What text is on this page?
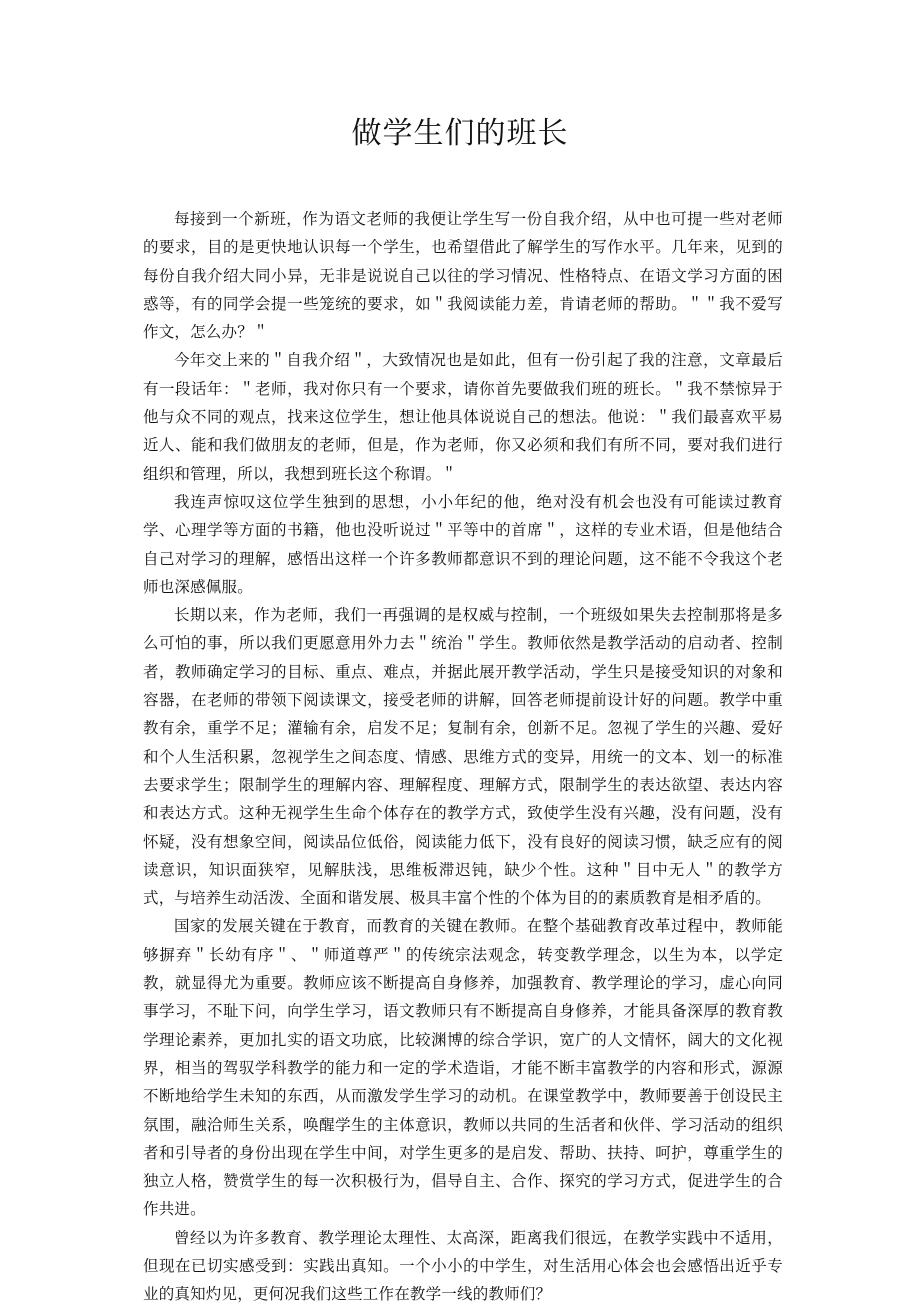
做学生们的班长

每接到一个新班，作为语文老师的我便让学生写一份自我介绍，从中也可提一些对老师的要求，目的是更快地认识每一个学生，也希望借此了解学生的写作水平。几年来，见到的每份自我介绍大同小异，无非是说说自己以往的学习情况、性格特点、在语文学习方面的困惑等，有的同学会提一些笼统的要求，如＂我阅读能力差，肯请老师的帮助。＂＂我不爱写作文，怎么办？＂

今年交上来的＂自我介绍＂，大致情况也是如此，但有一份引起了我的注意，文章最后有一段话年：＂老师，我对你只有一个要求，请你首先要做我们班的班长。＂我不禁惊异于他与众不同的观点，找来这位学生，想让他具体说说自己的想法。他说：＂我们最喜欢平易近人、能和我们做朋友的老师，但是，作为老师，你又必须和我们有所不同，要对我们进行组织和管理，所以，我想到班长这个称谓。＂

我连声惊叹这位学生独到的思想，小小年纪的他，绝对没有机会也没有可能读过教育学、心理学等方面的书籍，他也没听说过＂平等中的首席＂，这样的专业术语，但是他结合自己对学习的理解，感悟出这样一个许多教师都意识不到的理论问题，这不能不令我这个老师也深感佩服。

长期以来，作为老师，我们一再强调的是权威与控制，一个班级如果失去控制那将是多么可怕的事，所以我们更愿意用外力去＂统治＂学生。教师依然是教学活动的启动者、控制者，教师确定学习的目标、重点、难点，并据此展开教学活动，学生只是接受知识的对象和容器，在老师的带领下阅读课文，接受老师的讲解，回答老师提前设计好的问题。教学中重教有余，重学不足；灌输有余，启发不足；复制有余，创新不足。忽视了学生的兴趣、爱好和个人生活积累，忽视学生之间态度、情感、思维方式的变异，用统一的文本、划一的标准去要求学生；限制学生的理解内容、理解程度、理解方式，限制学生的表达欲望、表达内容和表达方式。这种无视学生生命个体存在的教学方式，致使学生没有兴趣，没有问题，没有怀疑，没有想象空间，阅读品位低俗，阅读能力低下，没有良好的阅读习惯，缺乏应有的阅读意识，知识面狭窄，见解肤浅，思维板滞迟钝，缺少个性。这种＂目中无人＂的教学方式，与培养生动活泼、全面和谐发展、极具丰富个性的个体为目的的素质教育是相矛盾的。

国家的发展关键在于教育，而教育的关键在教师。在整个基础教育改革过程中，教师能够摒弃＂长幼有序＂、＂师道尊严＂的传统宗法观念，转变教学理念，以生为本，以学定教，就显得尤为重要。教师应该不断提高自身修养，加强教育、教学理论的学习，虚心向同事学习，不耻下问，向学生学习，语文教师只有不断提高自身修养，才能具备深厚的教育教学理论素养，更加扎实的语文功底，比较渊博的综合学识，宽广的人文情怀，阔大的文化视界，相当的驾驭学科教学的能力和一定的学术造诣，才能不断丰富教学的内容和形式，源源不断地给学生未知的东西，从而激发学生学习的动机。在课堂教学中，教师要善于创设民主氛围，融洽师生关系，唤醒学生的主体意识，教师以共同的生活者和伙伴、学习活动的组织者和引导者的身份出现在学生中间，对学生更多的是启发、帮助、扶持、呵护，尊重学生的独立人格，赞赏学生的每一次积极行为，倡导自主、合作、探究的学习方式，促进学生的合作共进。

曾经以为许多教育、教学理论太理性、太高深，距离我们很远，在教学实践中不适用，但现在已切实感受到：实践出真知。一个小小的中学生，对生活用心体会也会感悟出近乎专业的真知灼见，更何况我们这些工作在教学一线的教师们？
